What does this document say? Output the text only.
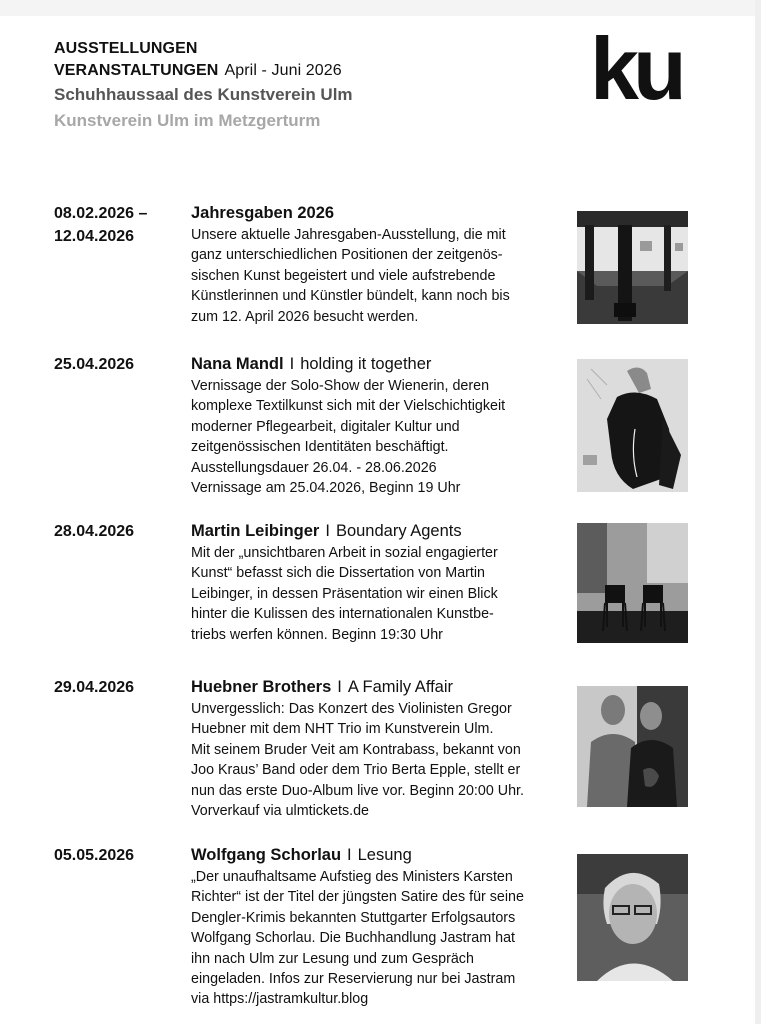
AUSSTELLUNGEN
VERANSTALTUNGEN April - Juni 2026
Schuhhaussaal des Kunstverein Ulm
Kunstverein Ulm im Metzgerturm
ku
08.02.2026 –
12.04.2026
Jahresgaben 2026

Unsere aktuelle Jahresgaben-Ausstellung, die mit

ganz unterschiedlichen Positionen der zeitgenös-

sischen Kunst begeistert und viele aufstrebende

Künstlerinnen und Künstler bündelt, kann noch bis

zum 12. April 2026 besucht werden.

25.04.2026	Nana Mandl I holding it together

Vernissage der Solo-Show der Wienerin, deren

komplexe Textilkunst sich mit der Vielschichtigkeit

moderner Pflegearbeit, digitaler Kultur und

zeitgenössischen Identitäten beschäftigt.

Ausstellungsdauer 26.04. - 28.06.2026

Vernissage am 25.04.2026, Beginn 19 Uhr

28.04.2026	Martin Leibinger I Boundary Agents

Mit der „unsichtbaren Arbeit in sozial engagierter

Kunst“ befasst sich die Dissertation von Martin

Leibinger, in dessen Präsentation wir einen Blick

hinter die Kulissen des internationalen Kunstbe-

triebs werfen können. Beginn 19:30 Uhr

29.04.2026	Huebner Brothers I A Family Affair

Unvergesslich: Das Konzert des Violinisten Gregor

Huebner mit dem NHT Trio im Kunstverein Ulm.

Mit seinem Bruder Veit am Kontrabass, bekannt von

Joo Kraus’ Band oder dem Trio Berta Epple, stellt er

nun das erste Duo-Album live vor. Beginn 20:00 Uhr.

Vorverkauf via ulmtickets.de

05.05.2026	Wolfgang Schorlau I Lesung

„Der unaufhaltsame Aufstieg des Ministers Karsten

Richter“ ist der Titel der jüngsten Satire des für seine

Dengler-Krimis bekannten Stuttgarter Erfolgsautors

Wolfgang Schorlau. Die Buchhandlung Jastram hat

ihn nach Ulm zur Lesung und zum Gespräch

eingeladen. Infos zur Reservierung nur bei Jastram

via https://jastramkultur.blog
